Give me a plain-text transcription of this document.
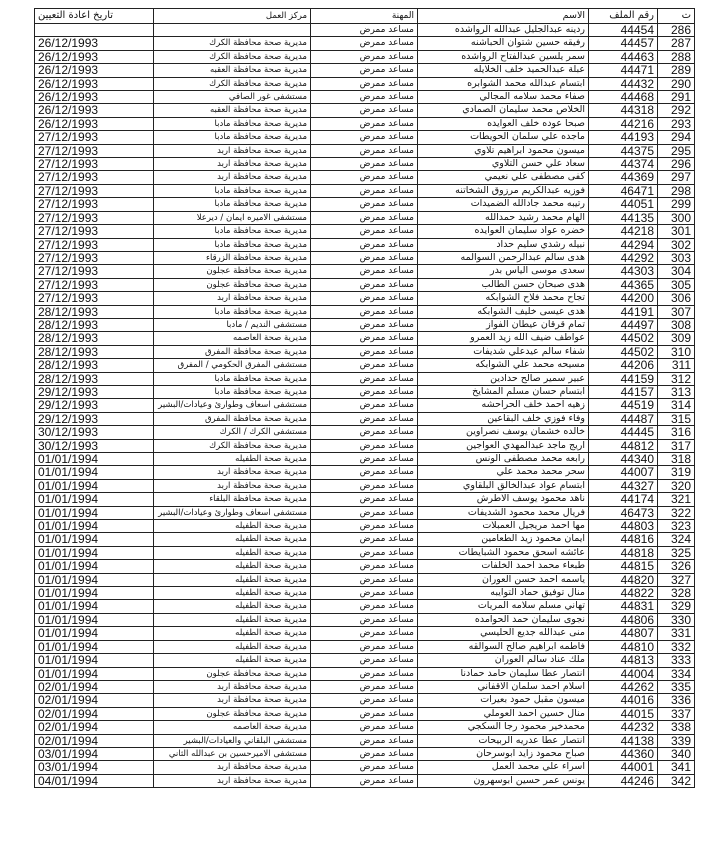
تاريخ اعادة التعيين	مركز العمل	المهنة	الاسم	رقم الملف	ت
		مساعد ممرض	ردينه عبدالجليل عبدالله الرواشده	44454	286
26/12/1993	مديرية صحة محافظة الكرك	مساعد ممرض	رفيقه حسين شتوان الحباشنه	44457	287
26/12/1993	مديرية صحة محافظة الكرك	مساعد ممرض	سمر يلسين عبدالفتاح الرواشده	44463	288
26/12/1993	مديرية صحة محافظة العقبه	مساعد ممرض	عبلة عبدالحميد خلف الخلايله	44471	289
26/12/1993	مديرية صحة محافظة الكرك	مساعد ممرض	ابتسام عبدالله محمد الشوابره	44432	290
26/12/1993	مستشفى غور الصافي	مساعد ممرض	صفاء محمد سلامه المجالي	44468	291
26/12/1993	مديرية صحة محافظة العقبه	مساعد ممرض	الخلاص محمد سليمان الصمادي	44318	292
26/12/1993	مديرية صحة محافظة مادبا	مساعد ممرض	صبحا عوده خلف العوايده	44216	293
27/12/1993	مديرية صحة محافظة مادبا	مساعد ممرض	ماجده علي سلمان الحويطات	44193	294
27/12/1993	مديرية صحة محافظة اربد	مساعد ممرض	ميسون محمود ابراهيم تلاوي	44375	295
27/12/1993	مديرية صحة محافظة اربد	مساعد ممرض	سعاد علي حسن التلاوي	44374	296
27/12/1993	مديرية صحة محافظة اربد	مساعد ممرض	كفى مصطفى علي نعيمي	44369	297
27/12/1993	مديرية صحة محافظة مادبا	مساعد ممرض	فوزيه عبدالكريم مرزوق الشخاتنه	46471	298
27/12/1993	مديرية صحة محافظة مادبا	مساعد ممرض	رتيبه محمد جادالله الضميدات	44051	299
27/12/1993	مستشفى الاميره ايمان / ديرعلا	مساعد ممرض	الهام محمد رشيد حمدالله	44135	300
27/12/1993	مديرية صحة محافظة مادبا	مساعد ممرض	خضره عواد سليمان العوايده	44218	301
27/12/1993	مديرية صحة محافظة مادبا	مساعد ممرض	نبيله رشدي سليم حداد	44294	302
27/12/1993	مديرية صحة محافظة الزرقاء	مساعد ممرض	هدى سالم عبدالرحمن السوالمه	44292	303
27/12/1993	مديرية صحة محافظة عجلون	مساعد ممرض	سعدى موسى الياس بدر	44303	304
27/12/1993	مديرية صحة محافظة عجلون	مساعد ممرض	هدى صبحان حسن الطالب	44365	305
27/12/1993	مديرية صحة محافظة اربد	مساعد ممرض	تجاح محمد فلاح الشوابكه	44200	306
28/12/1993	مديرية صحة محافظة مادبا	مساعد ممرض	هدى عيسى خليف الشوابكه	44191	307
28/12/1993	مستشفى النديم / مادبا	مساعد ممرض	تمام قرقان عيطان الفواز	44497	308
28/12/1993	مديرية صحة العاصمه	مساعد ممرض	عواطف ضيف الله زيد العمرو	44502	309
28/12/1993	مديرية صحة محافظة المفرق	مساعد ممرض	شفاء سالم عيدعلي شديفات	44502	310
28/12/1993	مستشفى المفرق الحكومي / المفرق	مساعد ممرض	مسيحه محمد علي الشوابكه	44206	311
28/12/1993	مديرية صحة محافظة مادبا	مساعد ممرض	عبير سمير صالح حدادين	44159	312
29/12/1993	مديرية صحة محافظة مادبا	مساعد ممرض	ابتسام حسان مسلم المشايخ	44157	313
29/12/1993	مستشفى اسعاف وطوارئ وعيادات/البشير	مساعد ممرض	زهيه احمد خلف الحراحشه	44519	314
29/12/1993	مديرية صحة محافظة المفرق	مساعد ممرض	وفاء فوزي خلف البقاعين	44487	315
30/12/1993	مستشفى الكرك / الكرك	مساعد ممرض	خالده خشمان يوسف نصراوين	44445	316
30/12/1993	مديرية صحة محافظة الكرك	مساعد ممرض	اريج ماجد عبدالمهدي العواجين	44812	317
01/01/1994	مديرية صحة الطفيله	مساعد ممرض	رابعه محمد مصطفى الونس	44340	318
01/01/1994	مديرية صحة محافظة اربد	مساعد ممرض	سحر محمد محمد علي	44007	319
01/01/1994	مديرية صحة محافظة اربد	مساعد ممرض	ابتسام عواد عبدالخالق البلقاوي	44327	320
01/01/1994	مديرية صحة محافظة البلقاء	مساعد ممرض	ناهد محمود يوسف الاطرش	44174	321
01/01/1994	مستشفى اسعاف وطوارئ وعيادات/البشير	مساعد ممرض	فريال محمد محمود الشديفات	46473	322
01/01/1994	مديرية صحة الطفيله	مساعد ممرض	مها احمد مريجيل العمبلات	44803	323
01/01/1994	مديرية صحة الطفيله	مساعد ممرض	ايمان محمود زيد الطعامين	44816	324
01/01/1994	مديرية صحة الطفيله	مساعد ممرض	عائشه اسحق محمود الشبايطات	44818	325
01/01/1994	مديرية صحة الطفيله	مساعد ممرض	طبعاء محمد احمد الخلفات	44815	326
01/01/1994	مديرية صحة الطفيله	مساعد ممرض	ياسمه احمد حسن العوران	44820	327
01/01/1994	مديرية صحة الطفيله	مساعد ممرض	منال توفيق حماد التوايبه	44822	328
01/01/1994	مديرية صحة الطفيله	مساعد ممرض	تهاني مسلم سلامه المريات	44831	329
01/01/1994	مديرية صحة الطفيله	مساعد ممرض	نجوى سليمان حمد الحوامده	44806	330
01/01/1994	مديرية صحة الطفيله	مساعد ممرض	منى عبدالله جديع الحليسي	44807	331
01/01/1994	مديرية صحة الطفيله	مساعد ممرض	فاطمه ابراهيم صالح السوالقه	44810	332
01/01/1994	مديرية صحة الطفيله	مساعد ممرض	ملك عناد سالم العوران	44813	333
01/01/1994	مديرية صحة محافظة عجلون	مساعد ممرض	انتصار عطا سليمان حامد حمادنا	44004	334
02/01/1994	مديرية صحة محافظة اربد	مساعد ممرض	اسلام احمد سلمان الاقفاني	44262	335
02/01/1994	مديرية صحة محافظة اربد	مساعد ممرض	ميسون مقبل حمود بعيرات	44016	336
02/01/1994	مديرية صحة محافظة عجلون	مساعد ممرض	منال حسين احمد العوملي	44015	337
02/01/1994	مديرية صحة العاصمه	مساعد ممرض	محمدخير محمود رجا السكجي	44232	338
02/01/1994	مستشفى البلقاني والعيادات/البشير	مساعد ممرض	انتصار عطا عدريه الربيحات	44138	339
03/01/1994	مستشفى الاميرحسين بن عبدالله الثاني	مساعد ممرض	صباح محمود زايد ابوسرحان	44360	340
03/01/1994	مديرية صحة محافظة اربد	مساعد ممرض	اسراء علي محمد العمل	44001	341
04/01/1994	مديرية صحة محافظة اربد	مساعد ممرض	يونس عمر حسين ابوسهرون	44246	342
